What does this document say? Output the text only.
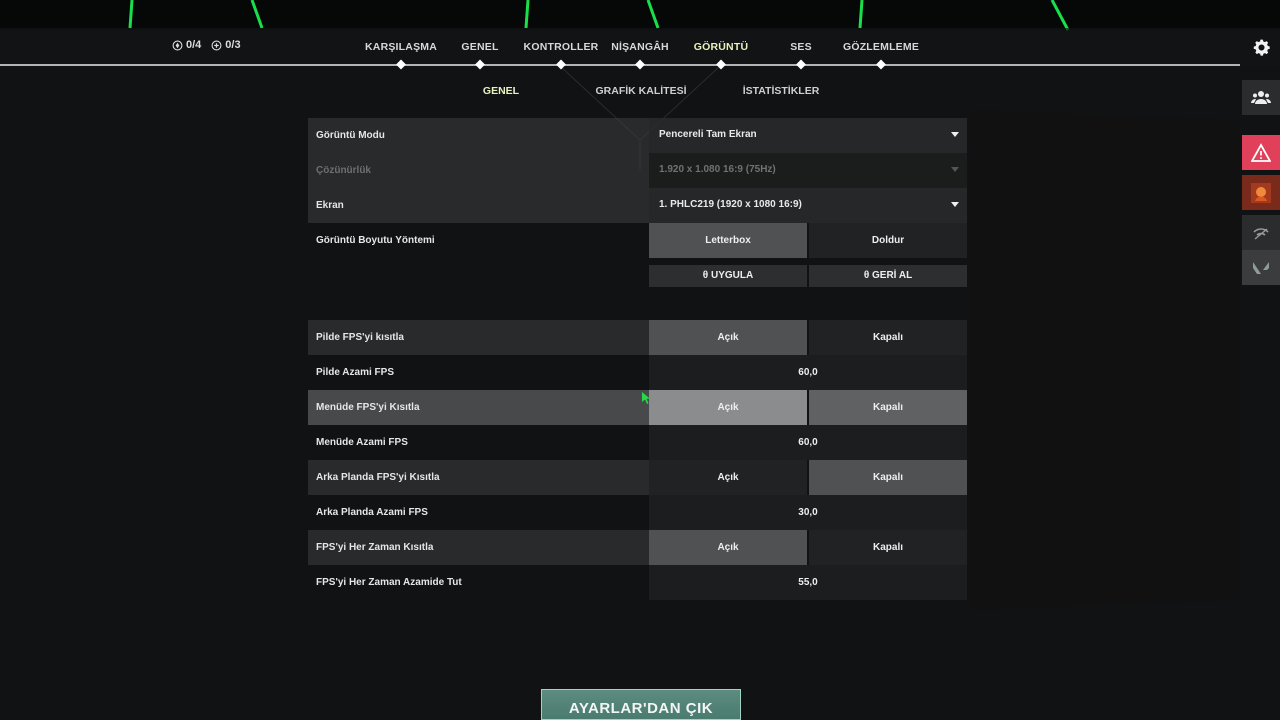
0/4 0/3	KARŞILAŞMA GENEL KONTROLLER NİŞANGÂH GÖRÜNTÜ	SES	GÖZLEMLEME
GENEL	GRAFİK KALİTESİ	İSTATİSTİKLER
Görüntü Modu	Pencereli Tam Ekran
Çözünürlük	1.920 x 1.080 16:9 (75Hz)
Ekran	1. PHLC219 (1920 x 1080 16:9)
Görüntü Boyutu Yöntemi	Letterbox	Doldur
θ UYGULA	θ GERİ AL
Pilde FPS'yi kısıtla	Açık	Kapalı
Pilde Azami FPS	60,0
Menüde FPS'yi Kısıtla	Açık	Kapalı
Menüde Azami FPS	60,0
Arka Planda FPS'yi Kısıtla	Açık	Kapalı
Arka Planda Azami FPS	30,0
FPS'yi Her Zaman Kısıtla	Açık	Kapalı
FPS'yi Her Zaman Azamide Tut	55,0
AYARLAR'DAN ÇIK
